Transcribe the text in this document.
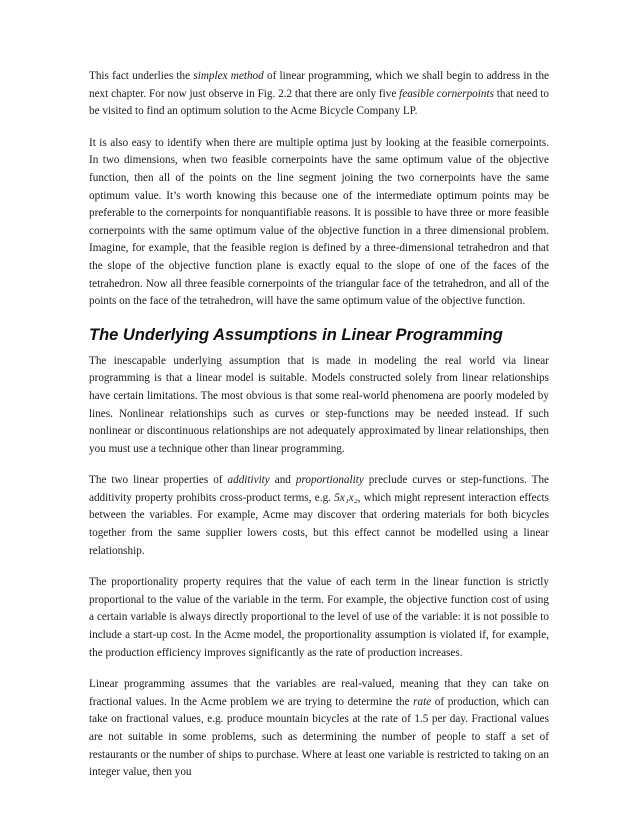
This fact underlies the simplex method of linear programming, which we shall begin to address in the next chapter. For now just observe in Fig. 2.2 that there are only five feasible cornerpoints that need to be visited to find an optimum solution to the Acme Bicycle Company LP.

It is also easy to identify when there are multiple optima just by looking at the feasible cornerpoints. In two dimensions, when two feasible cornerpoints have the same optimum value of the objective function, then all of the points on the line segment joining the two cornerpoints have the same optimum value. It’s worth knowing this because one of the intermediate optimum points may be preferable to the cornerpoints for nonquantifiable reasons. It is possible to have three or more feasible cornerpoints with the same optimum value of the objective function in a three dimensional problem. Imagine, for example, that the feasible region is defined by a three-dimensional tetrahedron and that the slope of the objective function plane is exactly equal to the slope of one of the faces of the tetrahedron. Now all three feasible cornerpoints of the triangular face of the tetrahedron, and all of the points on the face of the tetrahedron, will have the same optimum value of the objective function.

The Underlying Assumptions in Linear Programming

The inescapable underlying assumption that is made in modeling the real world via linear programming is that a linear model is suitable. Models constructed solely from linear relationships have certain limitations. The most obvious is that some real-world phenomena are poorly modeled by lines. Nonlinear relationships such as curves or step-functions may be needed instead. If such nonlinear or discontinuous relationships are not adequately approximated by linear relationships, then you must use a technique other than linear programming.

The two linear properties of additivity and proportionality preclude curves or step-functions. The additivity property prohibits cross-product terms, e.g. 5x₁x₂, which might represent interaction effects between the variables. For example, Acme may discover that ordering materials for both bicycles together from the same supplier lowers costs, but this effect cannot be modelled using a linear relationship.

The proportionality property requires that the value of each term in the linear function is strictly proportional to the value of the variable in the term. For example, the objective function cost of using a certain variable is always directly proportional to the level of use of the variable: it is not possible to include a start-up cost. In the Acme model, the proportionality assumption is violated if, for example, the production efficiency improves significantly as the rate of production increases.

Linear programming assumes that the variables are real-valued, meaning that they can take on fractional values. In the Acme problem we are trying to determine the rate of production, which can take on fractional values, e.g. produce mountain bicycles at the rate of 1.5 per day. Fractional values are not suitable in some problems, such as determining the number of people to staff a set of restaurants or the number of ships to purchase. Where at least one variable is restricted to taking on an integer value, then you
